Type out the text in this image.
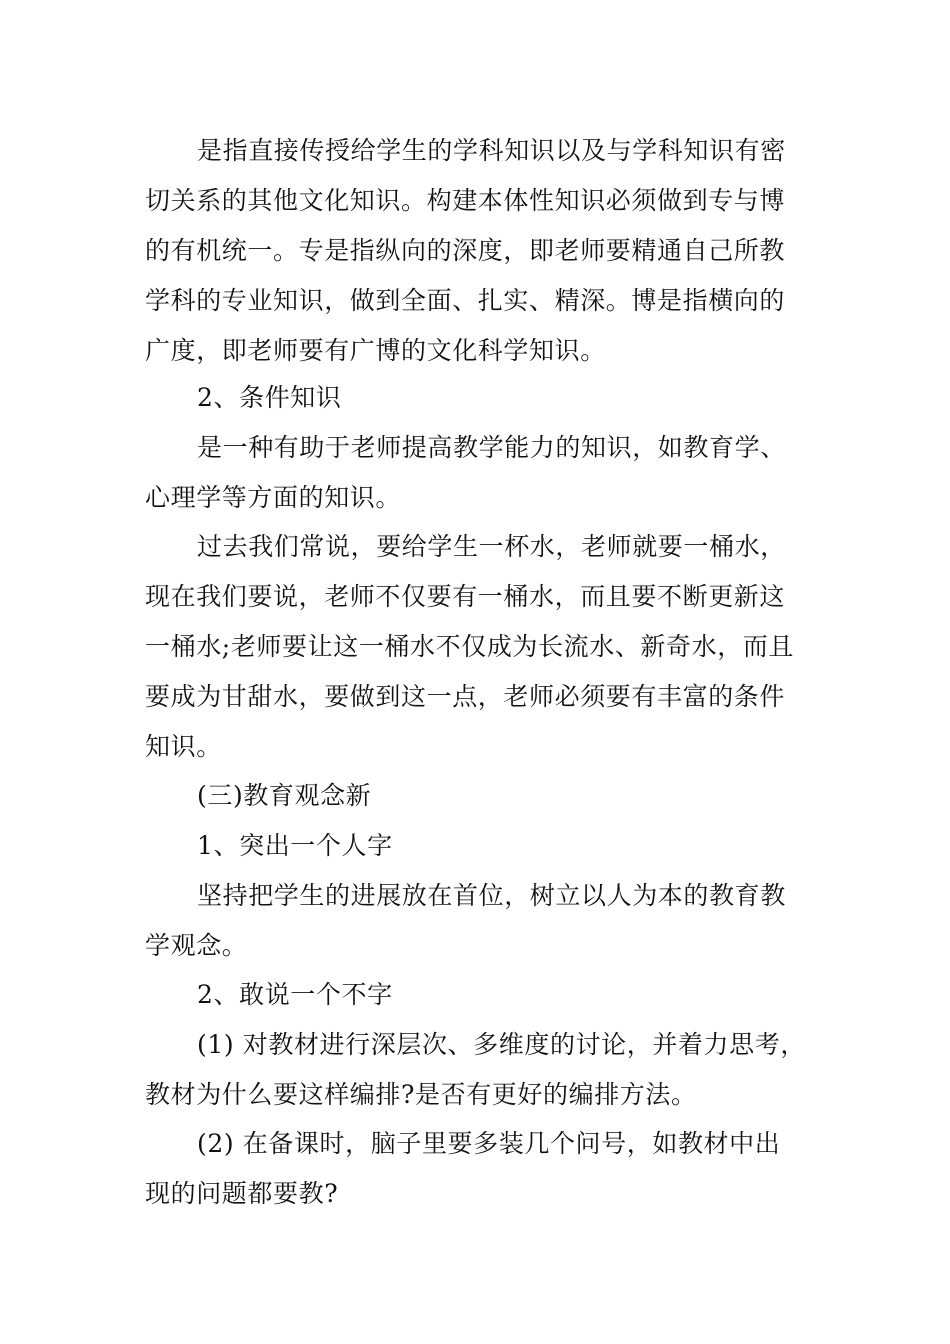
是指直接传授给学生的学科知识以及与学科知识有密
切关系的其他文化知识。构建本体性知识必须做到专与博
的有机统一。专是指纵向的深度，即老师要精通自己所教
学科的专业知识，做到全面、扎实、精深。博是指横向的
广度，即老师要有广博的文化科学知识。
2、条件知识
是一种有助于老师提高教学能力的知识，如教育学、
心理学等方面的知识。
过去我们常说，要给学生一杯水，老师就要一桶水，
现在我们要说，老师不仅要有一桶水，而且要不断更新这
一桶水;老师要让这一桶水不仅成为长流水、新奇水，而且
要成为甘甜水，要做到这一点，老师必须要有丰富的条件
知识。
(三)教育观念新
1、突出一个人字
坚持把学生的进展放在首位，树立以人为本的教育教
学观念。
2、敢说一个不字
(1) 对教材进行深层次、多维度的讨论，并着力思考，
教材为什么要这样编排?是否有更好的编排方法。
(2) 在备课时，脑子里要多装几个问号，如教材中出
现的问题都要教?
